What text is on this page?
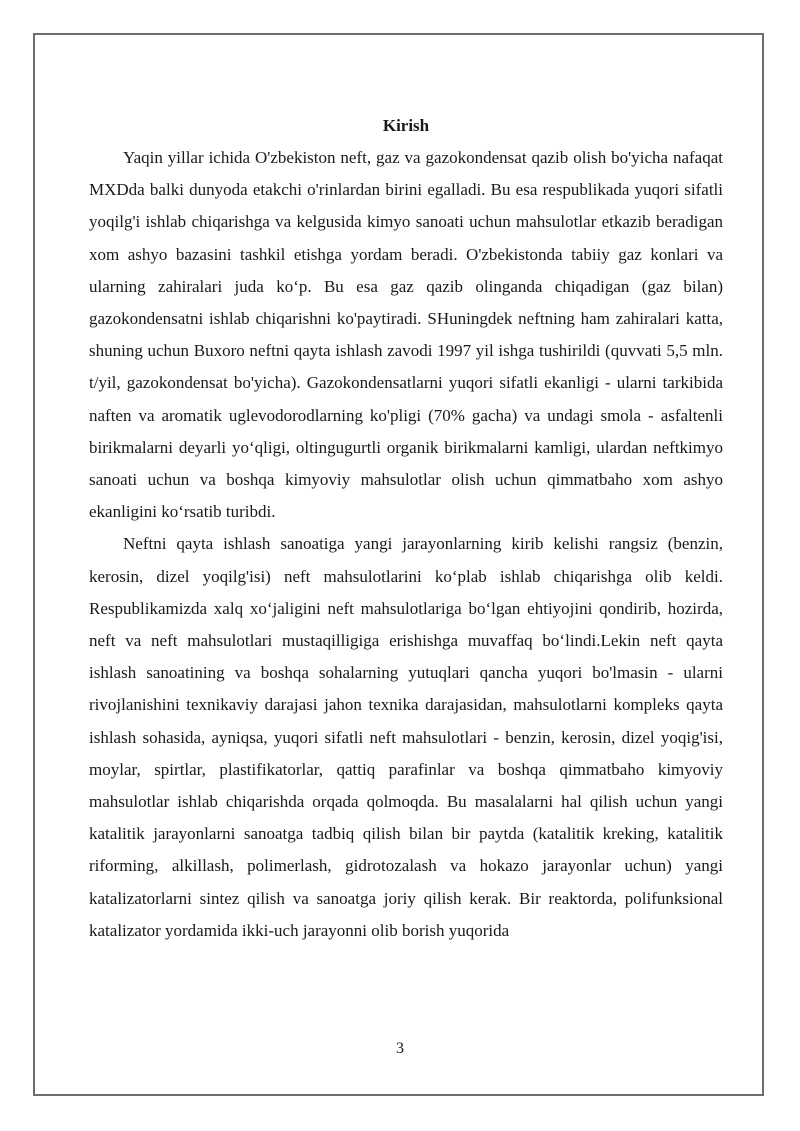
Kirish

Yaqin yillar ichida O'zbekiston neft, gaz va gazokondensat qazib olish bo'yicha nafaqat MXDda balki dunyoda etakchi o'rinlardan birini egalladi. Bu esa respublikada yuqori sifatli yoqilg'i ishlab chiqarishga va kelgusida kimyo sanoati uchun mahsulotlar etkazib beradigan xom ashyo bazasini tashkil etishga yordam beradi. O'zbekistonda tabiiy gaz konlari va ularning zahiralari juda ko‘p. Bu esa gaz qazib olinganda chiqadigan (gaz bilan) gazokondensatni ishlab chiqarishni ko'paytiradi. SHuningdek neftning ham zahiralari katta, shuning uchun Buxoro neftni qayta ishlash zavodi 1997 yil ishga tushirildi (quvvati 5,5 mln. t/yil, gazokondensat bo'yicha). Gazokondensatlarni yuqori sifatli ekanligi - ularni tarkibida naften va aromatik uglevodorodlarning ko'pligi (70% gacha) va undagi smola - asfaltenli birikmalarni deyarli yo‘qligi, oltingugurtli organik birikmalarni kamligi, ulardan neftkimyo sanoati uchun va boshqa kimyoviy mahsulotlar olish uchun qimmatbaho xom ashyo ekanligini ko‘rsatib turibdi.

Neftni qayta ishlash sanoatiga yangi jarayonlarning kirib kelishi rangsiz (benzin, kerosin, dizel yoqilg'isi) neft mahsulotlarini ko‘plab ishlab chiqarishga olib keldi. Respublikamizda xalq xo‘jaligini neft mahsulotlariga bo‘lgan ehtiyojini qondirib, hozirda, neft va neft mahsulotlari mustaqilligiga erishishga muvaffaq bo‘lindi.Lekin neft qayta ishlash sanoatining va boshqa sohalarning yutuqlari qancha yuqori bo'lmasin - ularni rivojlanishini texnikaviy darajasi jahon texnika darajasidan, mahsulotlarni kompleks qayta ishlash sohasida, ayniqsa, yuqori sifatli neft mahsulotlari - benzin, kerosin, dizel yoqig'isi, moylar, spirtlar, plastifikatorlar, qattiq parafinlar va boshqa qimmatbaho kimyoviy mahsulotlar ishlab chiqarishda orqada qolmoqda. Bu masalalarni hal qilish uchun yangi katalitik jarayonlarni sanoatga tadbiq qilish bilan bir paytda (katalitik kreking, katalitik riforming, alkillash, polimerlash, gidrotozalash va hokazo jarayonlar uchun) yangi katalizatorlarni sintez qilish va sanoatga joriy qilish kerak. Bir reaktorda, polifunksional katalizator yordamida ikki-uch jarayonni olib borish yuqorida

3
